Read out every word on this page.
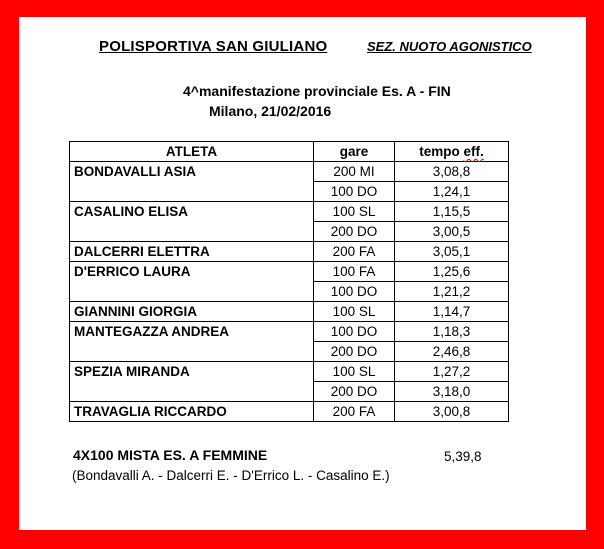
POLISPORTIVA SAN GIULIANO	SEZ. NUOTO AGONISTICO
4^manifestazione provinciale Es. A - FIN
Milano, 21/02/2016
ATLETA	gare	tempo eff.
BONDAVALLI ASIA	200 MI	3,08,8
	100 DO	1,24,1
CASALINO ELISA	100 SL	1,15,5
	200 DO	3,00,5
DALCERRI ELETTRA	200 FA	3,05,1
D'ERRICO LAURA	100 FA	1,25,6
	100 DO	1,21,2
GIANNINI GIORGIA	100 SL	1,14,7
MANTEGAZZA ANDREA	100 DO	1,18,3
	200 DO	2,46,8
SPEZIA MIRANDA	100 SL	1,27,2
	200 DO	3,18,0
TRAVAGLIA RICCARDO	200 FA	3,00,8
4X100 MISTA ES. A FEMMINE	5,39,8
(Bondavalli A. - Dalcerri E. - D'Errico L. - Casalino E.)
